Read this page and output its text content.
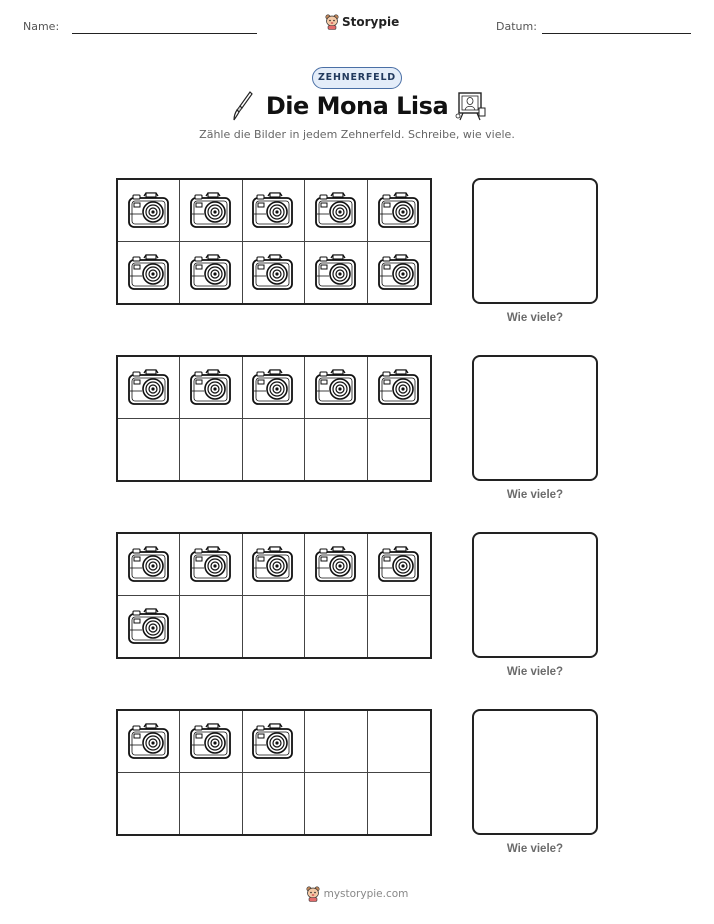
Name:	Storypie	Datum:
ZEHNERFELD
Die Mona Lisa
Zähle die Bilder in jedem Zehnerfeld. Schreibe, wie viele.
Wie viele?
Wie viele?
Wie viele?
Wie viele?
mystorypie.com
